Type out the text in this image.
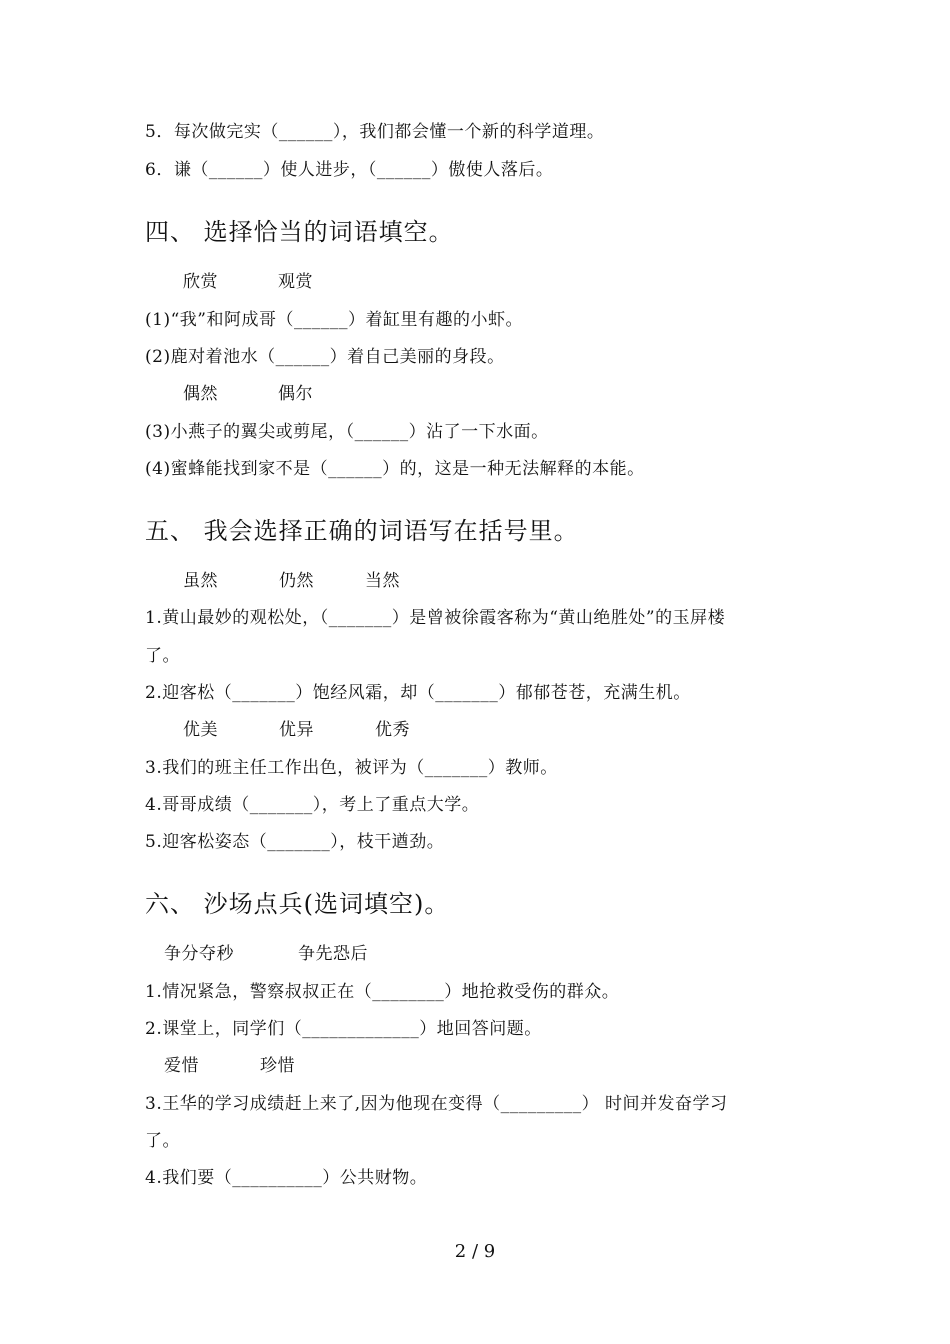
5．每次做完实（______），我们都会懂一个新的科学道理。

6．谦（______）使人进步，（______）傲使人落后。

四、 选择恰当的词语填空。

欣赏	观赏

(1)“我”和阿成哥（______）着缸里有趣的小虾。

(2)鹿对着池水（______）着自己美丽的身段。

偶然	偶尔

(3)小燕子的翼尖或剪尾，（______）沾了一下水面。

(4)蜜蜂能找到家不是（______）的，这是一种无法解释的本能。

五、 我会选择正确的词语写在括号里。

虽然	仍然	当然

1.黄山最妙的观松处，（_______）是曾被徐霞客称为“黄山绝胜处”的玉屏楼

了。

2.迎客松（_______）饱经风霜，却（_______）郁郁苍苍，充满生机。

优美	优异	优秀

3.我们的班主任工作出色，被评为（_______）教师。

4.哥哥成绩（_______），考上了重点大学。

5.迎客松姿态（_______），枝干遒劲。

六、 沙场点兵(选词填空)。

争分夺秒	争先恐后

1.情况紧急，警察叔叔正在（________）地抢救受伤的群众。

2.课堂上，同学们（_____________）地回答问题。

爱惜	珍惜

3.王华的学习成绩赶上来了,因为他现在变得（_________） 时间并发奋学习

了。

4.我们要（__________）公共财物。

2 / 9
